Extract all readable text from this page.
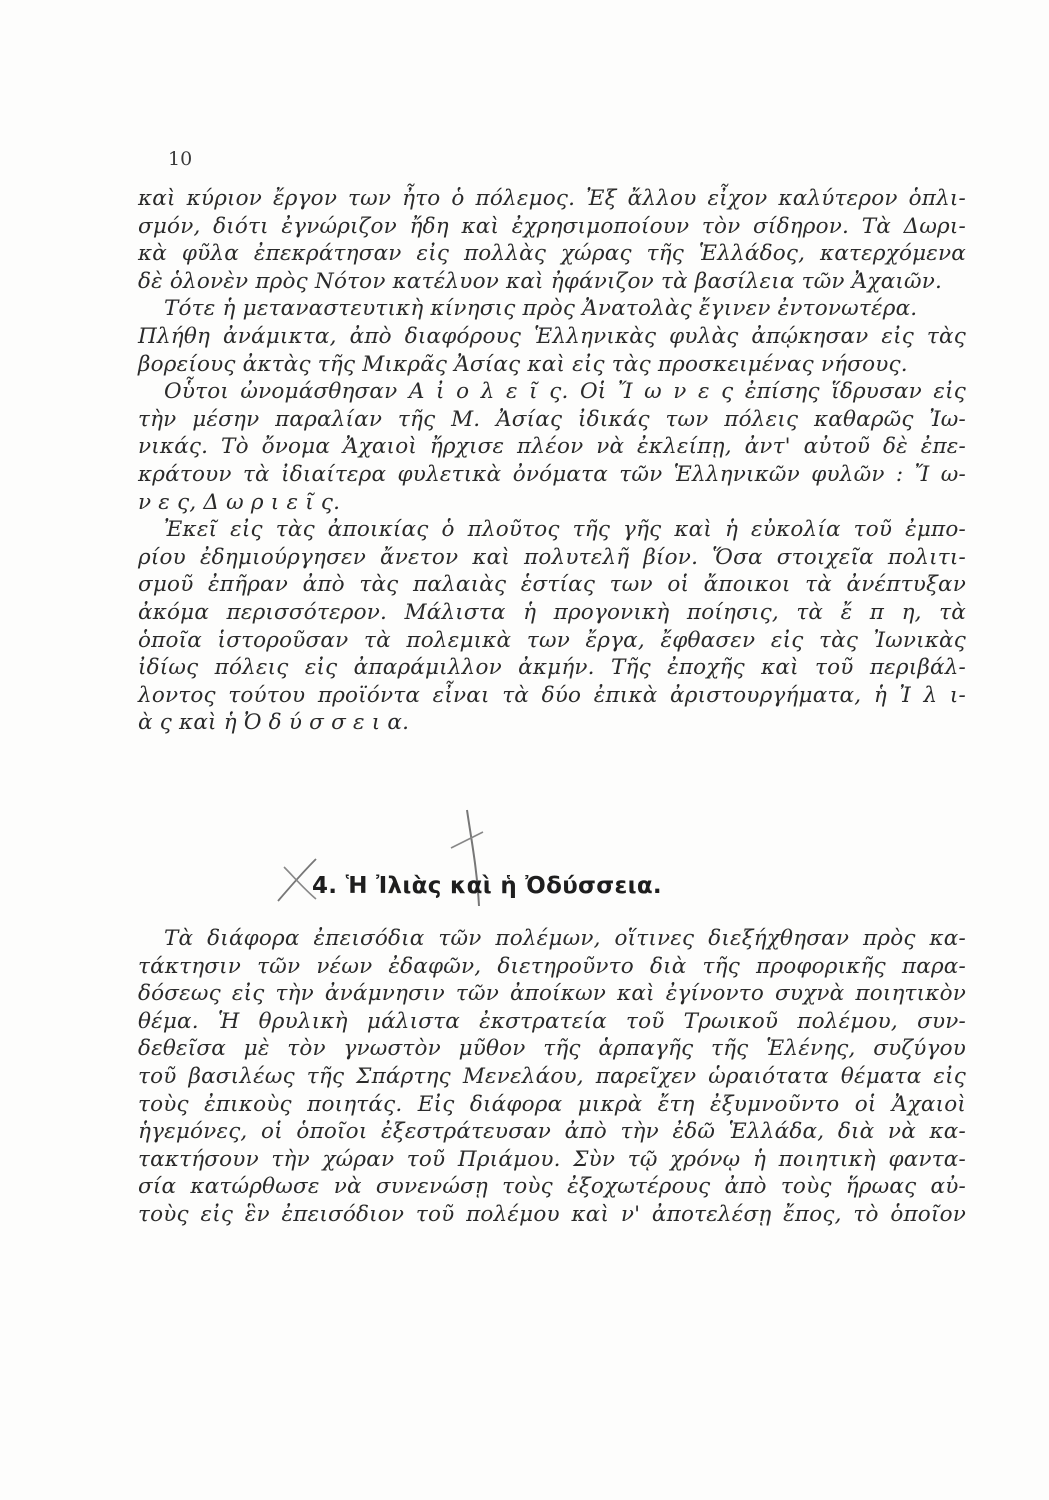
10
καὶ κύριον ἔργον των ἦτο ὁ πόλεμος. Ἐξ ἄλλου εἶχον καλύτερον ὁπλι-
σμόν, διότι ἐγνώριζον ἤδη καὶ ἐχρησιμοποίουν τὸν σίδηρον. Τὰ Δωρι-
κὰ φῦλα ἐπεκράτησαν εἰς πολλὰς χώρας τῆς Ἑλλάδος, κατερχόμενα
δὲ ὁλονὲν πρὸς Νότον κατέλυον καὶ ἠφάνιζον τὰ βασίλεια τῶν Ἀχαιῶν.
Τότε ἡ μεταναστευτικὴ κίνησις πρὸς Ἀνατολὰς ἔγινεν ἐντονωτέρα.
Πλήθη ἀνάμικτα, ἀπὸ διαφόρους Ἑλληνικὰς φυλὰς ἀπῴκησαν εἰς τὰς
βορείους ἀκτὰς τῆς Μικρᾶς Ἀσίας καὶ εἰς τὰς προσκειμένας νήσους.
Οὗτοι ὠνομάσθησαν Α ἰ ο λ ε ῖ ς. Οἱ Ἴ ω ν ε ς ἐπίσης ἵδρυσαν εἰς
τὴν μέσην παραλίαν τῆς Μ. Ἀσίας ἰδικάς των πόλεις καθαρῶς Ἰω-
νικάς. Τὸ ὄνομα Ἀχαιοὶ ἤρχισε πλέον νὰ ἐκλείπῃ, ἀντ' αὐτοῦ δὲ ἐπε-
κράτουν τὰ ἰδιαίτερα φυλετικὰ ὀνόματα τῶν Ἑλληνικῶν φυλῶν : Ἴ ω-
ν ε ς, Δ ω ρ ι ε ῖ ς.
Ἐκεῖ εἰς τὰς ἀποικίας ὁ πλοῦτος τῆς γῆς καὶ ἡ εὐκολία τοῦ ἐμπο-
ρίου ἐδημιούργησεν ἄνετον καὶ πολυτελῆ βίον. Ὅσα στοιχεῖα πολιτι-
σμοῦ ἐπῆραν ἀπὸ τὰς παλαιὰς ἑστίας των οἱ ἄποικοι τὰ ἀνέπτυξαν
ἀκόμα περισσότερον. Μάλιστα ἡ προγονικὴ ποίησις, τὰ ἔ π η, τὰ
ὁποῖα ἱστοροῦσαν τὰ πολεμικὰ των ἔργα, ἔφθασεν εἰς τὰς Ἰωνικὰς
ἰδίως πόλεις εἰς ἀπαράμιλλον ἀκμήν. Τῆς ἐποχῆς καὶ τοῦ περιβάλ-
λοντος τούτου προϊόντα εἶναι τὰ δύο ἐπικὰ ἀριστουργήματα, ἡ Ἰ λ ι-
ὰ ς καὶ ἡ Ὀ δ ύ σ σ ε ι α.
4. Ἡ Ἰλιὰς καὶ ἡ Ὀδύσσεια.
Τὰ διάφορα ἐπεισόδια τῶν πολέμων, οἵτινες διεξήχθησαν πρὸς κα-
τάκτησιν τῶν νέων ἐδαφῶν, διετηροῦντο διὰ τῆς προφορικῆς παρα-
δόσεως εἰς τὴν ἀνάμνησιν τῶν ἀποίκων καὶ ἐγίνοντο συχνὰ ποιητικὸν
θέμα. Ἡ θρυλικὴ μάλιστα ἐκστρατεία τοῦ Τρωικοῦ πολέμου, συν-
δεθεῖσα μὲ τὸν γνωστὸν μῦθον τῆς ἁρπαγῆς τῆς Ἑλένης, συζύγου
τοῦ βασιλέως τῆς Σπάρτης Μενελάου, παρεῖχεν ὡραιότατα θέματα εἰς
τοὺς ἐπικοὺς ποιητάς. Εἰς διάφορα μικρὰ ἔτη ἐξυμνοῦντο οἱ Ἀχαιοὶ
ἡγεμόνες, οἱ ὁποῖοι ἐξεστράτευσαν ἀπὸ τὴν ἐδῶ Ἑλλάδα, διὰ νὰ κα-
τακτήσουν τὴν χώραν τοῦ Πριάμου. Σὺν τῷ χρόνῳ ἡ ποιητικὴ φαντα-
σία κατώρθωσε νὰ συνενώσῃ τοὺς ἐξοχωτέρους ἀπὸ τοὺς ἥρωας αὐ-
τοὺς εἰς ἓν ἐπεισόδιον τοῦ πολέμου καὶ ν' ἀποτελέσῃ ἔπος, τὸ ὁποῖον
